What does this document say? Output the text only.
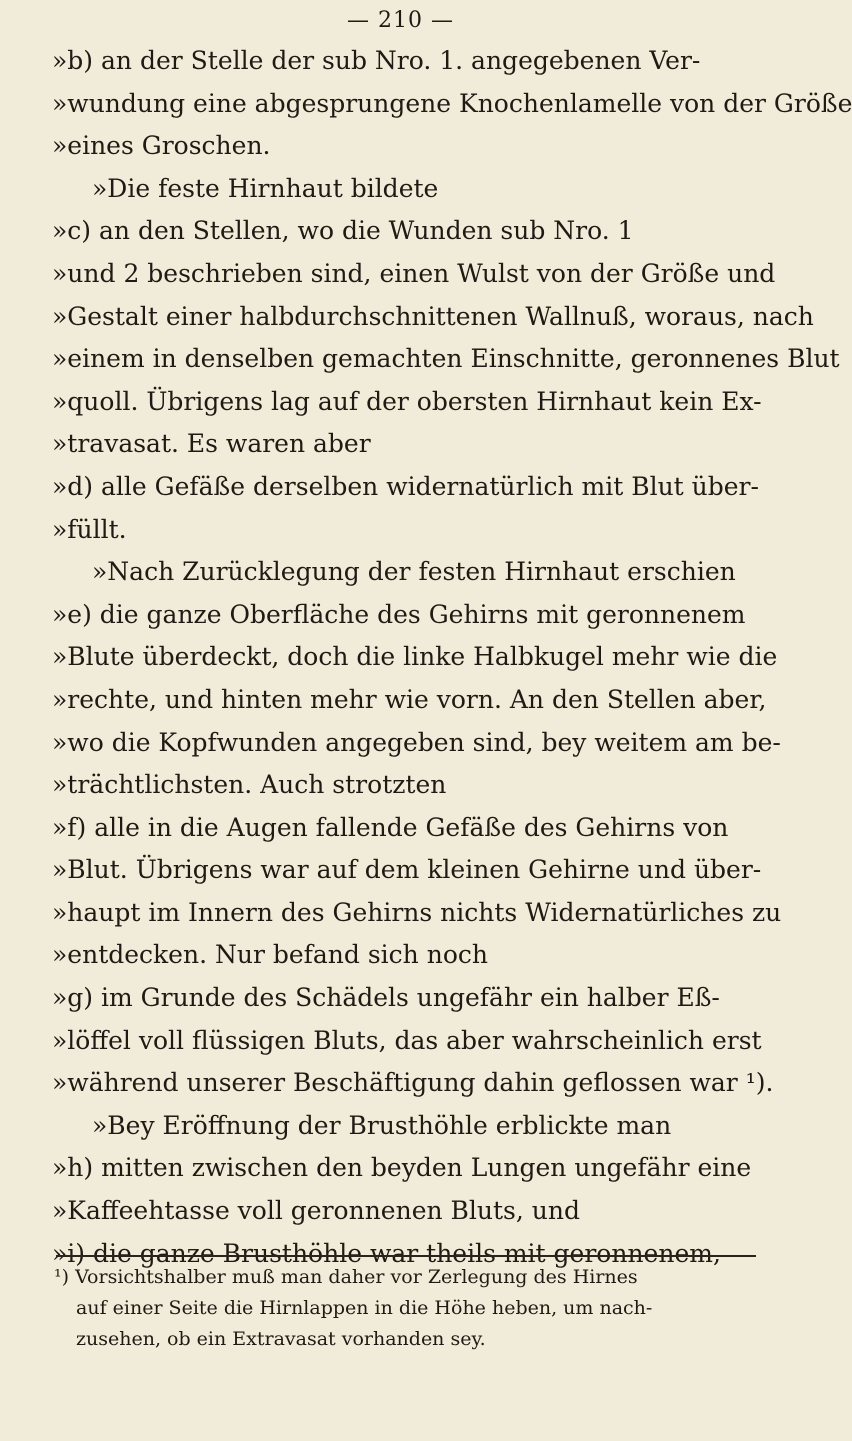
— 210 —
»b) an der Stelle der sub Nro. 1. angegebenen Ver-
»wundung eine abgesprungene Knochenlamelle von der Größe
»eines Groschen.
»Die feste Hirnhaut bildete
»c) an den Stellen, wo die Wunden sub Nro. 1
»und 2 beschrieben sind, einen Wulst von der Größe und
»Gestalt einer halbdurchschnittenen Wallnuß, woraus, nach
»einem in denselben gemachten Einschnitte, geronnenes Blut
»quoll. Übrigens lag auf der obersten Hirnhaut kein Ex-
»travasat. Es waren aber
»d) alle Gefäße derselben widernatürlich mit Blut über-
»füllt.
»Nach Zurücklegung der festen Hirnhaut erschien
»e) die ganze Oberfläche des Gehirns mit geronnenem
»Blute überdeckt, doch die linke Halbkugel mehr wie die
»rechte, und hinten mehr wie vorn. An den Stellen aber,
»wo die Kopfwunden angegeben sind, bey weitem am be-
»trächtlichsten. Auch strotzten
»f) alle in die Augen fallende Gefäße des Gehirns von
»Blut. Übrigens war auf dem kleinen Gehirne und über-
»haupt im Innern des Gehirns nichts Widernatürliches zu
»entdecken. Nur befand sich noch
»g) im Grunde des Schädels ungefähr ein halber Eß-
»löffel voll flüssigen Bluts, das aber wahrscheinlich erst
»während unserer Beschäftigung dahin geflossen war ¹).
»Bey Eröffnung der Brusthöhle erblickte man
»h) mitten zwischen den beyden Lungen ungefähr eine
»Kaffeehtasse voll geronnenen Bluts, und
»i) die ganze Brusthöhle war theils mit geronnenem,
¹) Vorsichtshalber muß man daher vor Zerlegung des Hirnes
auf einer Seite die Hirnlappen in die Höhe heben, um nach-
zusehen, ob ein Extravasat vorhanden sey.
